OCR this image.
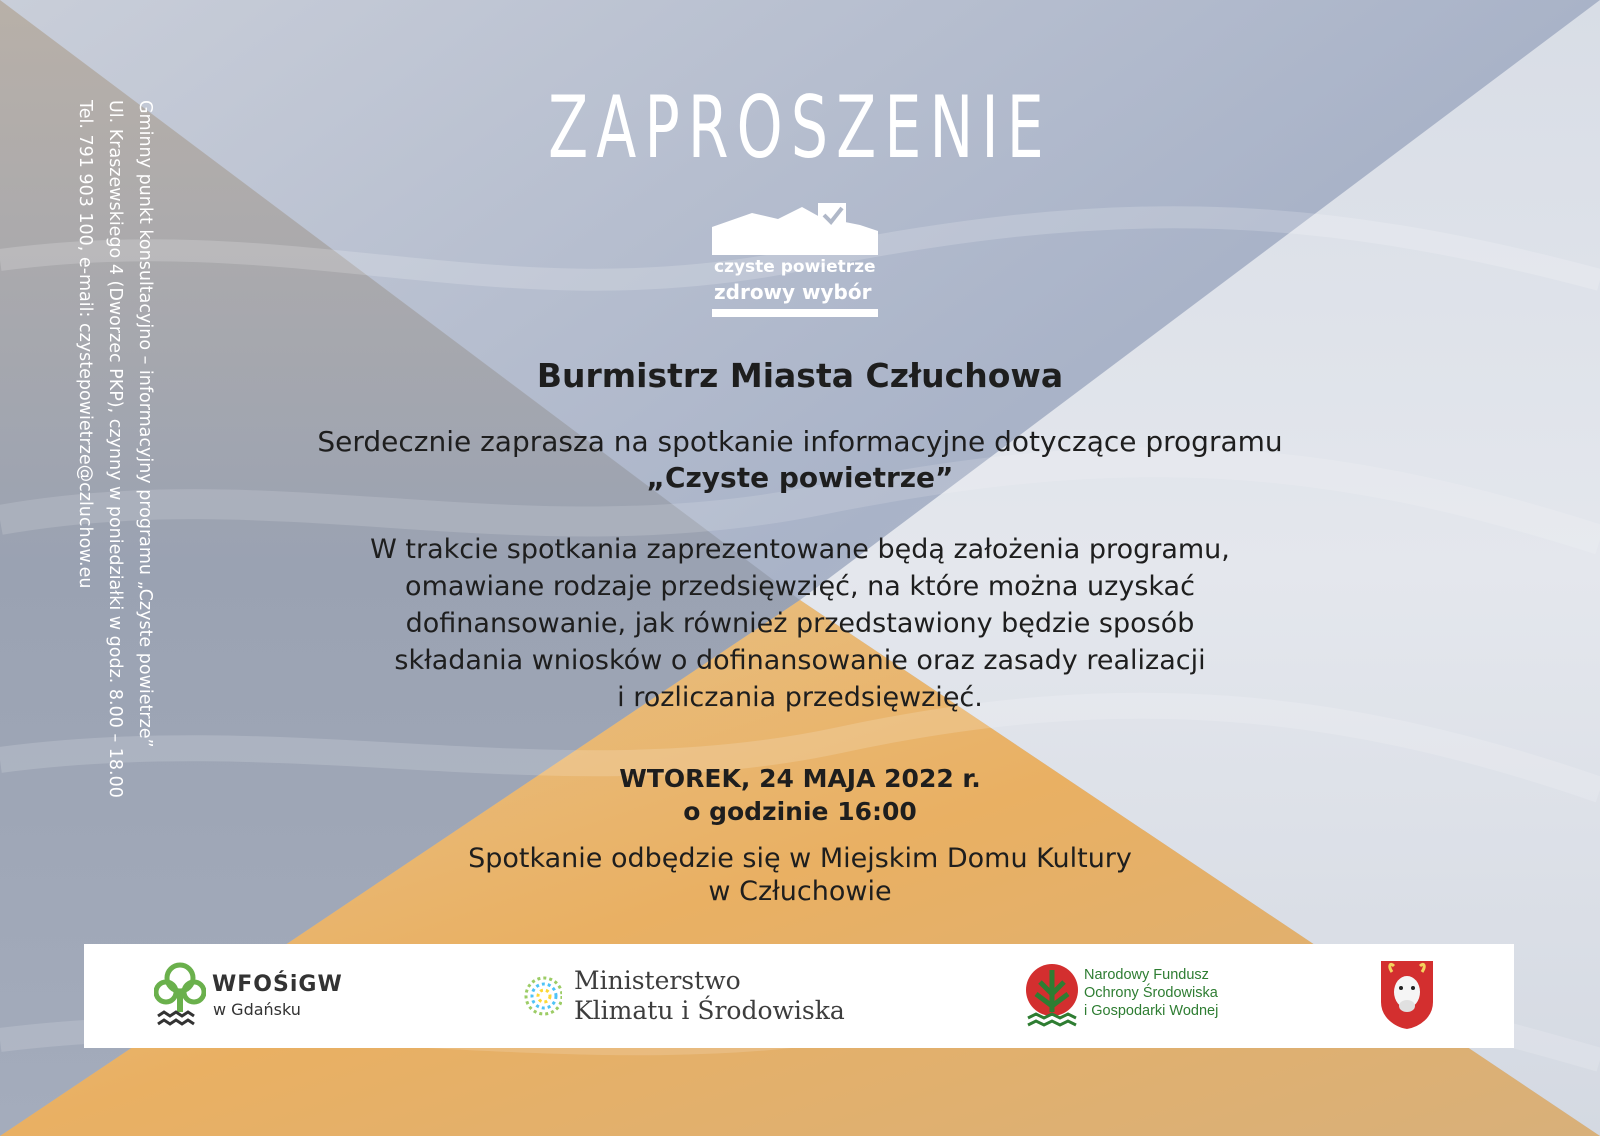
ZAPROSZENIE
czyste powietrze
zdrowy wybór
Burmistrz Miasta Człuchowa
Serdecznie zaprasza na spotkanie informacyjne dotyczące programu
„Czyste powietrze”
W trakcie spotkania zaprezentowane będą założenia programu,
omawiane rodzaje przedsięwzięć, na które można uzyskać
dofinansowanie, jak również przedstawiony będzie sposób
składania wniosków o dofinansowanie oraz zasady realizacji
i rozliczania przedsięwzięć.
WTOREK, 24 MAJA 2022 r.
o godzinie 16:00
Spotkanie odbędzie się w Miejskim Domu Kultury
w Człuchowie
Gminny punkt konsultacyjno – informacyjny programu „Czyste powietrze”
Ul. Kraszewskiego 4 (Dworzec PKP), czynny w poniedziałki w godz. 8.00 – 18.00
Tel. 791 903 100, e-mail: czystepowietrze@czluchow.eu
WFOŚiGW
w Gdańsku
Ministerstwo
Klimatu i Środowiska
Narodowy Fundusz
Ochrony Środowiska
i Gospodarki Wodnej
